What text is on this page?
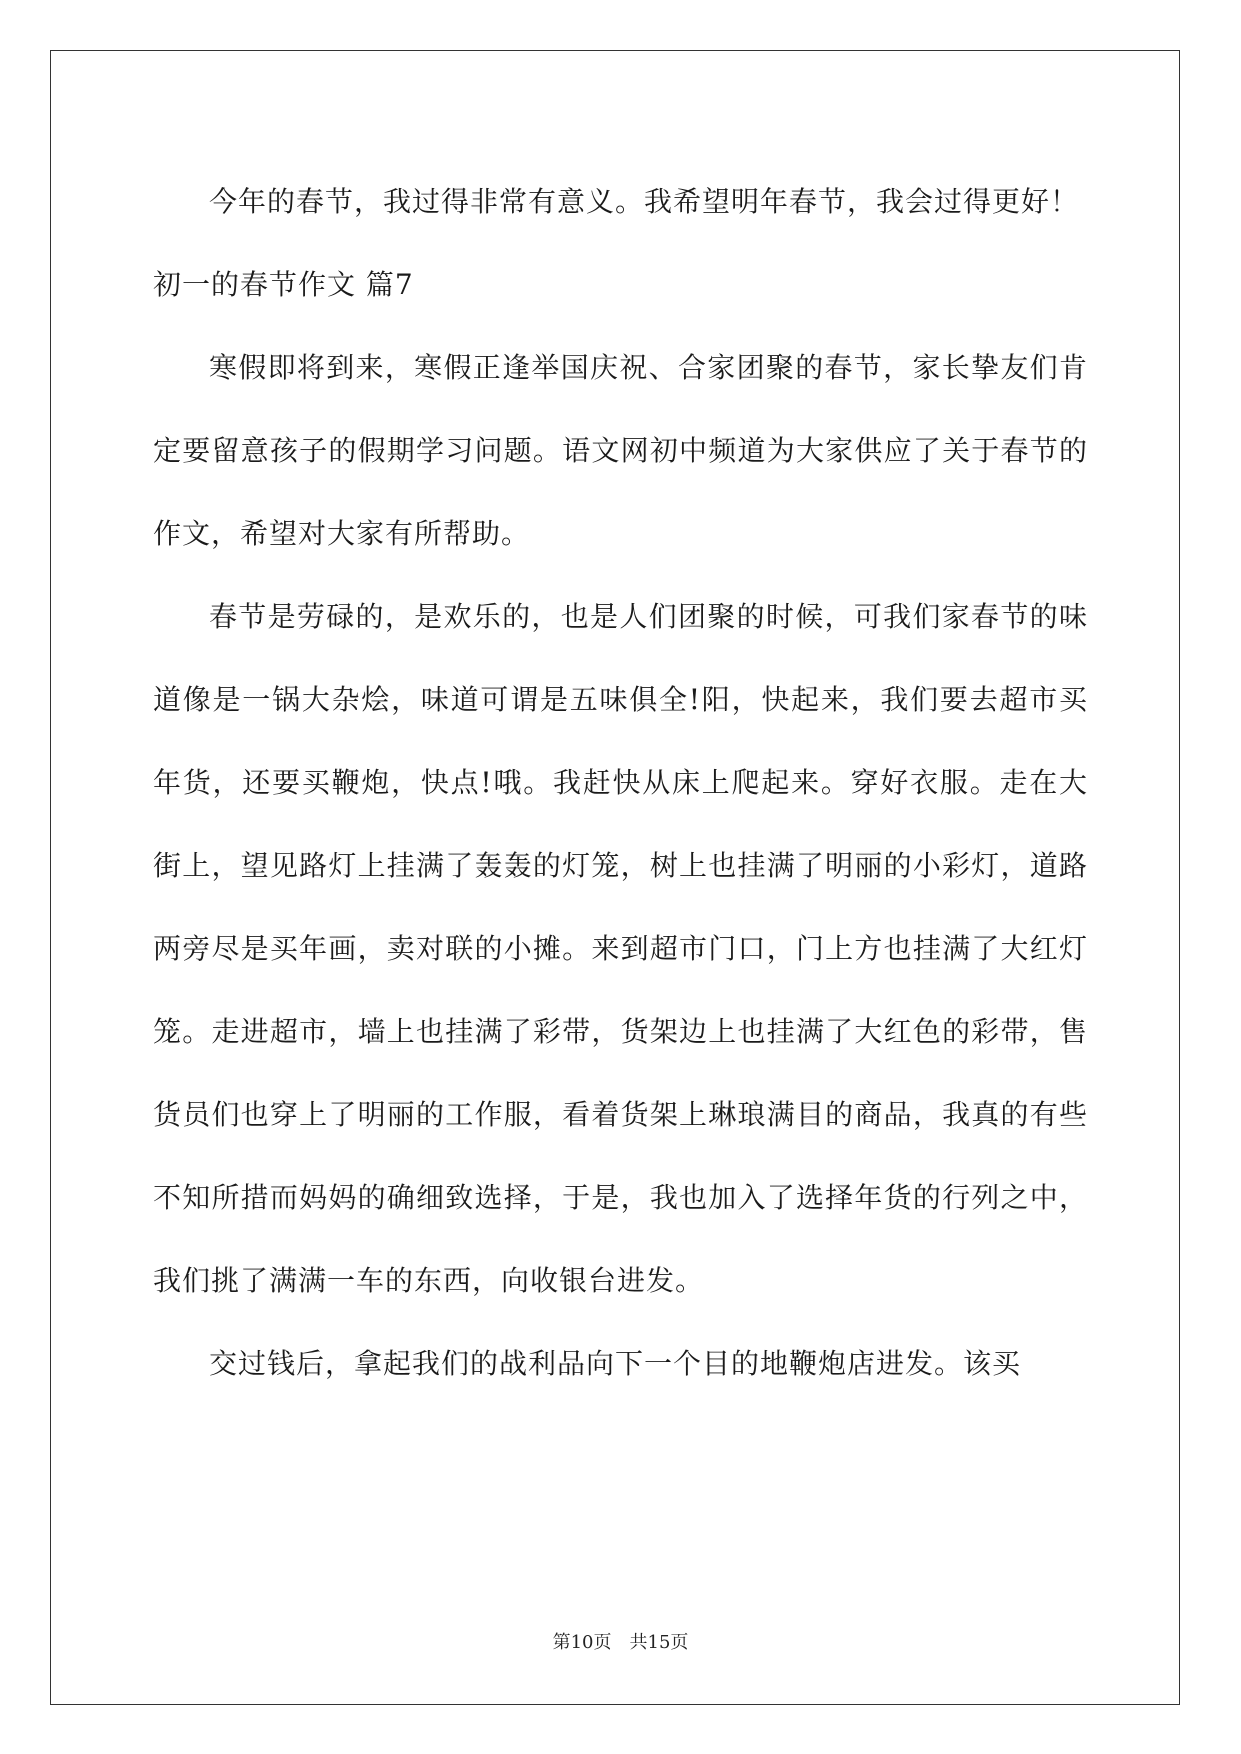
今年的春节，我过得非常有意义。我希望明年春节，我会过得更好！

初一的春节作文 篇7

寒假即将到来，寒假正逢举国庆祝、合家团聚的春节，家长挚友们肯定要留意孩子的假期学习问题。语文网初中频道为大家供应了关于春节的作文，希望对大家有所帮助。

春节是劳碌的，是欢乐的，也是人们团聚的时候，可我们家春节的味道像是一锅大杂烩，味道可谓是五味俱全!阳，快起来，我们要去超市买年货，还要买鞭炮，快点!哦。我赶快从床上爬起来。穿好衣服。走在大街上，望见路灯上挂满了轰轰的灯笼，树上也挂满了明丽的小彩灯，道路两旁尽是买年画，卖对联的小摊。来到超市门口，门上方也挂满了大红灯笼。走进超市，墙上也挂满了彩带，货架边上也挂满了大红色的彩带，售货员们也穿上了明丽的工作服，看着货架上琳琅满目的商品，我真的有些不知所措而妈妈的确细致选择，于是，我也加入了选择年货的行列之中，我们挑了满满一车的东西，向收银台进发。

交过钱后，拿起我们的战利品向下一个目的地鞭炮店进发。该买

第10页 共15页
